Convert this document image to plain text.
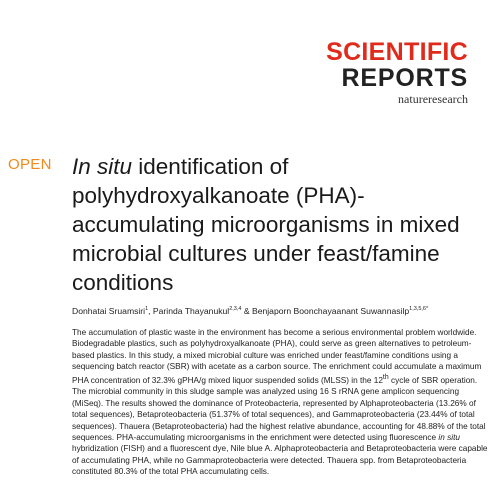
SCIENTIFIC
REPORTS
natureresearch
OPEN In situ identification of polyhydroxyalkanoate (PHA)-accumulating microorganisms in mixed microbial cultures under feast/famine conditions

Donhatai Sruamsiri$^1$, Parinda Thayanukul$^{2,3,4}$ & Benjaporn Boonchayaanant Suwannasilp$^{1,3,5,6*}$

The accumulation of plastic waste in the environment has become a serious environmental problem worldwide. Biodegradable plastics, such as polyhydroxyalkanoate (PHA), could serve as green alternatives to petroleum-based plastics. In this study, a mixed microbial culture was enriched under feast/famine conditions using a sequencing batch reactor (SBR) with acetate as a carbon source. The enrichment could accumulate a maximum PHA concentration of 32.3% gPHA/g mixed liquor suspended solids (MLSS) in the 12th cycle of SBR operation. The microbial community in this sludge sample was analyzed using 16 S rRNA gene amplicon sequencing (MiSeq). The results showed the dominance of Proteobacteria, represented by Alphaproteobacteria (13.26% of total sequences), Betaproteobacteria (51.37% of total sequences), and Gammaproteobacteria (23.44% of total sequences). Thauera (Betaproteobacteria) had the highest relative abundance, accounting for 48.88% of the total sequences. PHA-accumulating microorganisms in the enrichment were detected using fluorescence in situ hybridization (FISH) and a fluorescent dye, Nile blue A. Alphaproteobacteria and Betaproteobacteria were capable of accumulating PHA, while no Gammaproteobacteria were detected. Thauera spp. from Betaproteobacteria constituted 80.3% of the total PHA accumulating cells.
